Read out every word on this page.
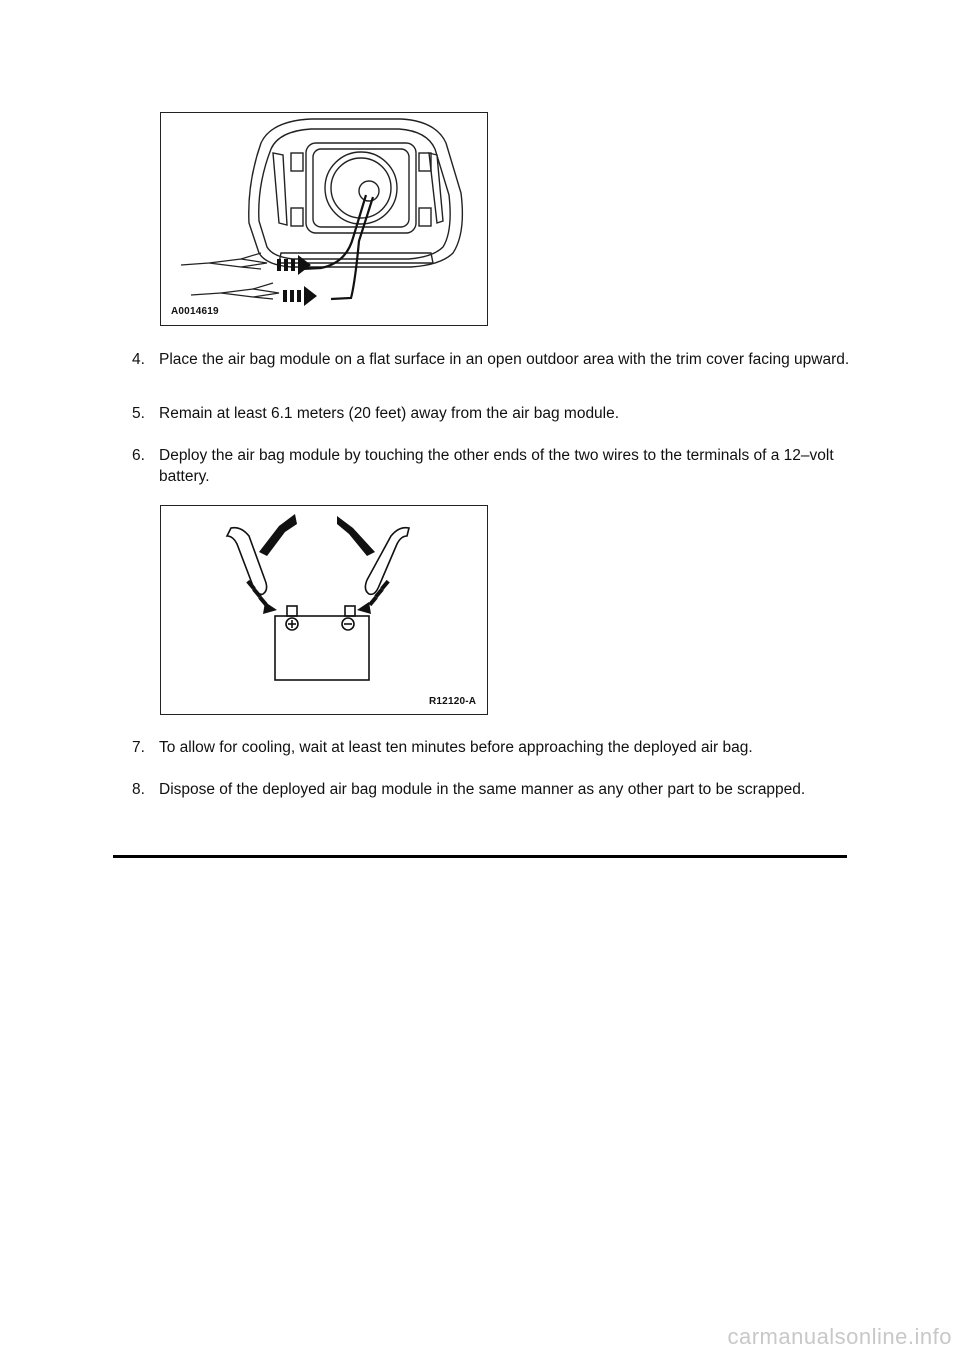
A0014619
4. Place the air bag module on a flat surface in an open outdoor area with the trim cover facing upward.
5. Remain at least 6.1 meters (20 feet) away from the air bag module.
6. Deploy the air bag module by touching the other ends of the two wires to the terminals of a 12–volt battery.
R12120-A
7. To allow for cooling, wait at least ten minutes before approaching the deployed air bag.
8. Dispose of the deployed air bag module in the same manner as any other part to be scrapped.
carmanualsonline.info
